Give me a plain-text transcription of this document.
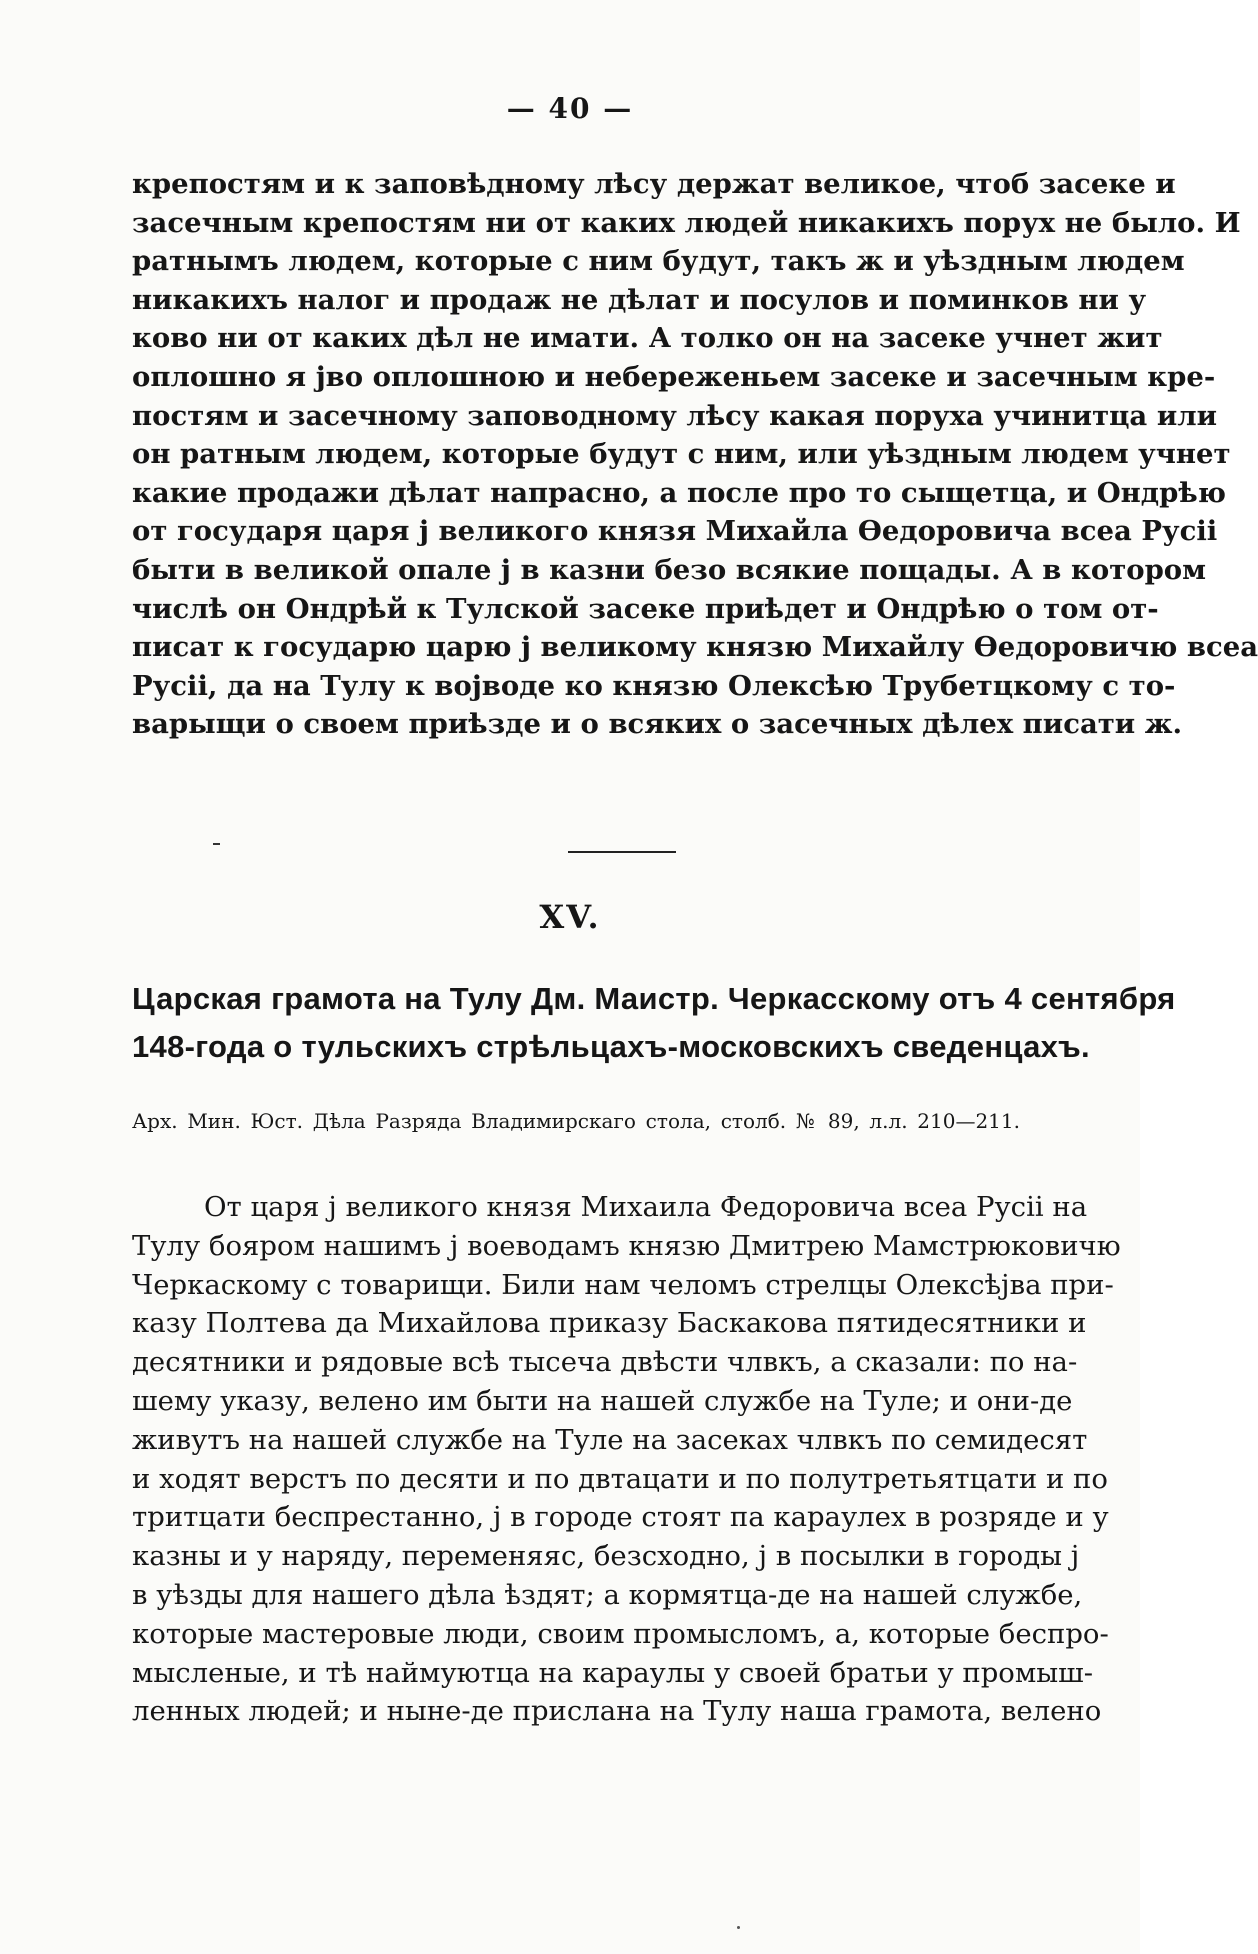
— 40 —
крепостям и к заповѣдному лѣсу держат великое, чтоб засеке и
засечным крепостям ни от каких людей никакихъ порух не было. И
ратнымъ людем, которые с ним будут, такъ ж и уѣздным людем
никакихъ налог и продаж не дѣлат и посулов и поминков ни у
ково ни от каких дѣл не имати. А толко он на засеке учнет жит
оплошно я јво оплошною и небереженьем засеке и засечным кре-
постям и засечному заповодному лѣсу какая поруха учинитца или
он ратным людем, которые будут с ним, или уѣздным людем учнет
какие продажи дѣлат напрасно, а после про то сыщетца, и Ондрѣю
от государя царя ј великого князя Михайла Өедоровича всеа Русiі
быти в великой опале ј в казни безо всякие пощады. А в котором
числѣ он Ондрѣй к Тулской засеке приѣдет и Ондрѣю о том от-
писат к государю царю ј великому князю Михайлу Өедоровичю всеа
Русiі, да на Тулу к војводе ко князю Олексѣю Трубетцкому с то-
варыщи о своем приѣзде и о всяких о засечных дѣлех писати ж.
XV.
Царская грамота на Тулу Дм. Маистр. Черкасскому отъ 4 сентября
148-года о тульскихъ стрѣльцахъ-московскихъ сведенцахъ.
Арх. Мин. Юст. Дѣла Разряда Владимирскаго стола, столб. № 89, л.л. 210—211.
От царя ј великого князя Михаила Федоровича всеа Русiі на
Тулу бояром нашимъ ј воеводамъ князю Дмитрею Мамстрюковичю
Черкаскому с товарищи. Били нам челомъ стрелцы Олексѣјва при-
казу Полтева да Михайлова приказу Баскакова пятидесятники и
десятники и рядовые всѣ тысеча двѣсти члвкъ, а сказали: по на-
шему указу, велено им быти на нашей службе на Туле; и они-де
живутъ на нашей службе на Туле на засеках члвкъ по семидесят
и ходят верстъ по десяти и по двтацати и по полутретьятцати и по
тритцати беспрестанно, ј в городе стоят па караулех в розряде и у
казны и у наряду, переменяяс, безсходно, ј в посылки в городы ј
в уѣзды для нашего дѣла ѣздят; а кормятца-де на нашей службе,
которые мастеровые люди, своим промысломъ, а, которые беспро-
мысленые, и тѣ наймуютца на караулы у своей братьи у промыш-
ленных людей; и ныне-де прислана на Тулу наша грамота, велено
